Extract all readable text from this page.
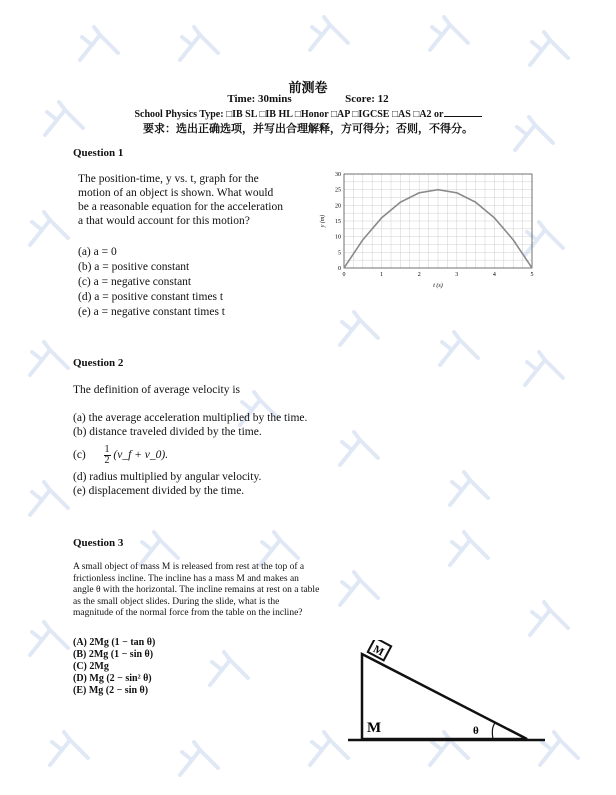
前测卷
Time: 30mins	Score: 12
School Physics Type: □IB SL □IB HL □Honor □AP □IGCSE □AS □A2 or
要求：选出正确选项，并写出合理解释，方可得分；否则，不得分。
Question 1
The position-time, y vs. t, graph for the
motion of an object is shown. What would
be a reasonable equation for the acceleration
a that would account for this motion?
(a) a = 0
(b) a = positive constant
(c) a = negative constant
(d) a = positive constant times t
(e) a = negative constant times t
0	1	2	3	4	5
0
5
10
15
20
25
30
t (s)
y (m)
Question 2
The definition of average velocity is
(a) the average acceleration multiplied by the time.
(b) distance traveled divided by the time.
$(c) \frac{1}{2}$ (v_f + v_0).
(d) radius multiplied by angular velocity.
(e) displacement divided by the time.
Question 3
A small object of mass M is released from rest at the top of a
frictionless incline. The incline has a mass M and makes an
angle θ with the horizontal. The incline remains at rest on a table
as the small object slides. During the slide, what is the
magnitude of the normal force from the table on the incline?
(A) 2Mg (1 − tan θ)
(B) 2Mg (1 − sin θ)
(C) 2Mg
(D) Mg (2 − sin² θ)
(E) Mg (2 − sin θ)
M
M	θ
